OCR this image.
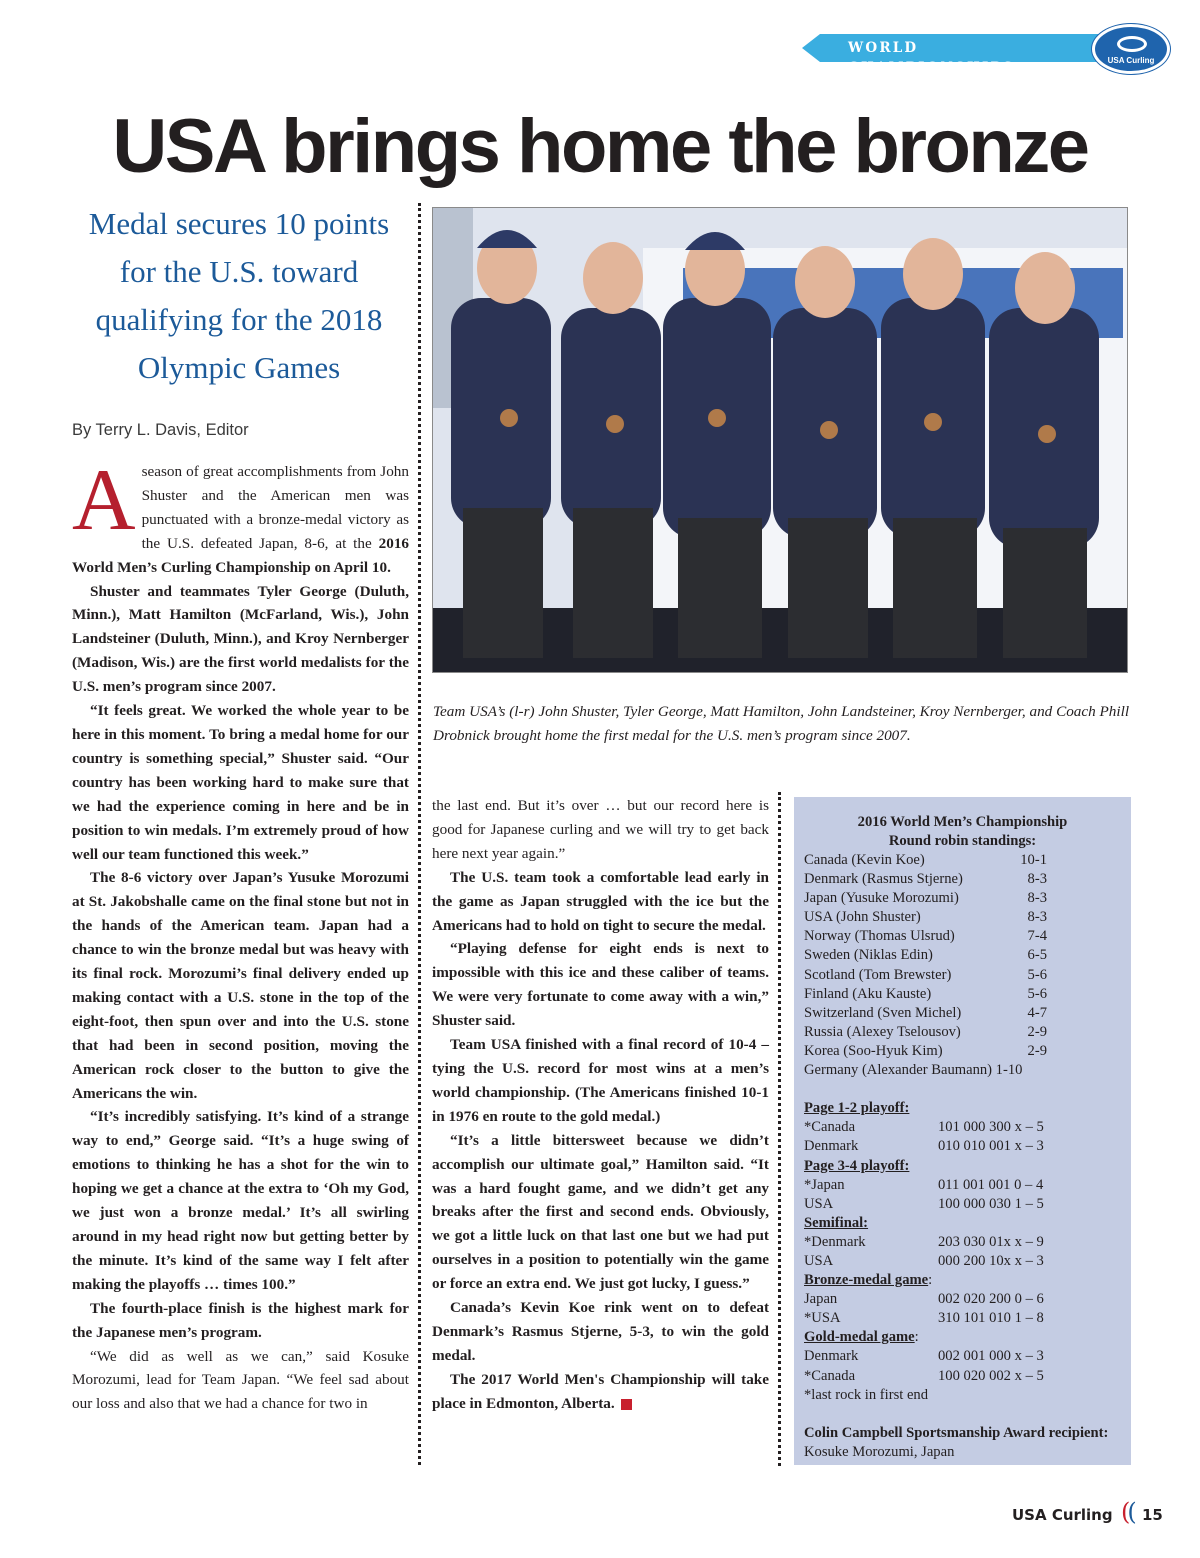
WORLD CHAMPIONSHIPS	USA Curling
USA brings home the bronze
Medal secures 10 points
for the U.S. toward
qualifying for the 2018
Olympic Games
By Terry L. Davis, Editor

A season of great accomplishments from John Shuster and the American men was punctuated with a bronze-medal victory as the U.S. defeated Japan, 8-6, at the 2016 World Men’s Curling Championship on April 10.

Shuster and teammates Tyler George (Duluth, Minn.), Matt Hamilton (McFarland, Wis.), John Landsteiner (Duluth, Minn.), and Kroy Nernberger (Madison, Wis.) are the first world medalists for the U.S. men’s program since 2007.

“It feels great. We worked the whole year to be here in this moment. To bring a medal home for our country is something special,” Shuster said. “Our country has been working hard to make sure that we had the experience coming in here and be in position to win medals. I’m extremely proud of how well our team functioned this week.”

The 8-6 victory over Japan’s Yusuke Morozumi at St. Jakobshalle came on the final stone but not in the hands of the American team. Japan had a chance to win the bronze medal but was heavy with its final rock. Morozumi’s final delivery ended up making contact with a U.S. stone in the top of the eight-foot, then spun over and into the U.S. stone that had been in second position, moving the American rock closer to the button to give the Americans the win.

“It’s incredibly satisfying. It’s kind of a strange way to end,” George said. “It’s a huge swing of emotions to thinking he has a shot for the win to hoping we get a chance at the extra to ‘Oh my God, we just won a bronze medal.’ It’s all swirling around in my head right now but getting better by the minute. It’s kind of the same way I felt after making the playoffs … times 100.”

The fourth-place finish is the highest mark for the Japanese men’s program.

“We did as well as we can,” said Kosuke Morozumi, lead for Team Japan. “We feel sad about our loss and also that we had a chance for two in

Team USA’s (l-r) John Shuster, Tyler George, Matt Hamilton, John Landsteiner, Kroy Nernberger, and Coach Phill Drobnick brought home the first medal for the U.S. men’s program since 2007.

the last end. But it’s over … but our record here is good for Japanese curling and we will try to get back here next year again.”

The U.S. team took a comfortable lead early in the game as Japan struggled with the ice but the Americans had to hold on tight to secure the medal.

“Playing defense for eight ends is next to impossible with this ice and these caliber of teams. We were very fortunate to come away with a win,” Shuster said.

Team USA finished with a final record of 10-4 – tying the U.S. record for most wins at a men’s world championship. (The Americans finished 10-1 in 1976 en route to the gold medal.)

“It’s a little bittersweet because we didn’t accomplish our ultimate goal,” Hamilton said. “It was a hard fought game, and we didn’t get any breaks after the first and second ends. Obviously, we got a little luck on that last one but we had put ourselves in a position to potentially win the game or force an extra end. We just got lucky, I guess.”

Canada’s Kevin Koe rink went on to defeat Denmark’s Rasmus Stjerne, 5-3, to win the gold medal.

The 2017 World Men's Championship will take place in Edmonton, Alberta.

2016 World Men’s Championship
Round robin standings:
Canada (Kevin Koe)	10-1
Denmark (Rasmus Stjerne)	8-3
Japan (Yusuke Morozumi)	8-3
USA (John Shuster)	8-3
Norway (Thomas Ulsrud)	7-4
Sweden (Niklas Edin)	6-5
Scotland (Tom Brewster)	5-6
Finland (Aku Kauste)	5-6
Switzerland (Sven Michel)	4-7
Russia (Alexey Tselousov)	2-9
Korea (Soo-Hyuk Kim)	2-9
Germany (Alexander Baumann) 1-10
Page 1-2 playoff:
*Canada	101 000 300 x – 5
Denmark	010 010 001 x – 3
Page 3-4 playoff:
*Japan	011 001 001 0 – 4
USA	100 000 030 1 – 5
Semifinal:
*Denmark	203 030 01x x – 9
USA	000 200 10x x – 3
Bronze-medal game:
Japan	002 020 200 0 – 6
*USA	310 101 010 1 – 8
Gold-medal game:
Denmark	002 001 000 x – 3
*Canada	100 020 002 x – 5
*last rock in first end
Colin Campbell Sportsmanship Award recipient:
Kosuke Morozumi, Japan
USA Curling (( 15
